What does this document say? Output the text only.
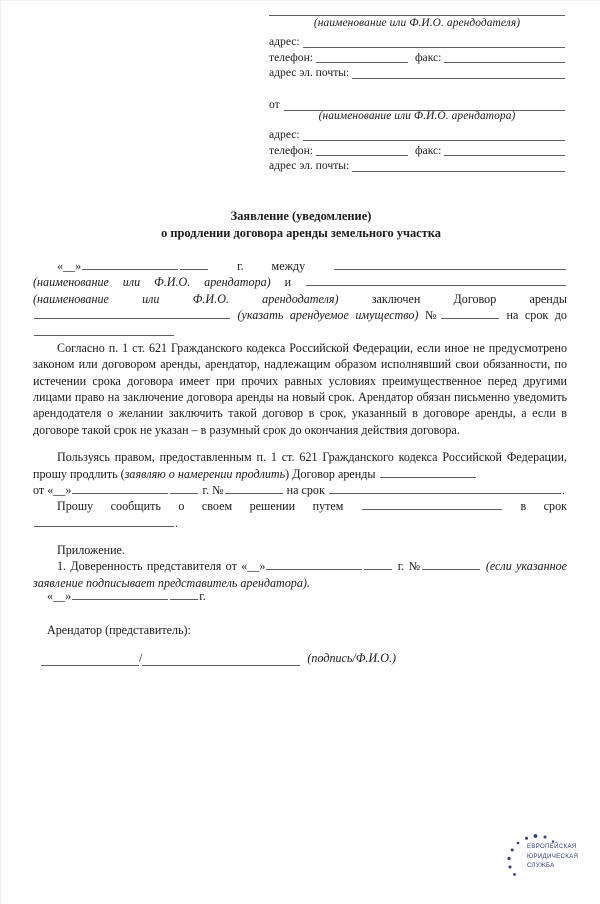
(наименование или Ф.И.О. арендодателя)
адрес:
телефон:	факс:
адрес эл. почты:
от
(наименование или Ф.И.О. арендатора)
адрес:
телефон:	факс:
адрес эл. почты:
Заявление (уведомление)
о продлении договора аренды земельного участка

«__»	г. между  (наименование или Ф.И.О. арендатора) и  (наименование или Ф.И.О. арендодателя)	заключен Договор аренды  (указать арендуемое имущество) №	на срок до

Согласно п. 1 ст. 621 Гражданского кодекса Российской Федерации, если иное не предусмотрено законом или договором аренды, арендатор, надлежащим образом исполнявший свои обязанности, по истечении срока договора имеет при прочих равных условиях преимущественное перед другими лицами право на заключение договора аренды на новый срок. Арендатор обязан письменно уведомить арендодателя о желании заключить такой договор в срок, указанный в договоре аренды, а если в договоре такой срок не указан – в разумный срок до окончания действия договора.

Пользуясь правом, предоставленным п. 1 ст. 621 Гражданского кодекса Российской Федерации, прошу продлить (заявляю о намерении продлить) Договор аренды

от «__»	г. №	на срок	.

Прошу сообщить о своем решении путем	в срок .

Приложение.

1. Доверенность представителя от «__»	г. №	(если указанное заявление подписывает представитель арендатора).

«__»	г.
Арендатор (представитель):
/	(подпись/Ф.И.О.)
ЕВРОПЕЙСКАЯ
ЮРИДИЧЕСКАЯ
СЛУЖБА
